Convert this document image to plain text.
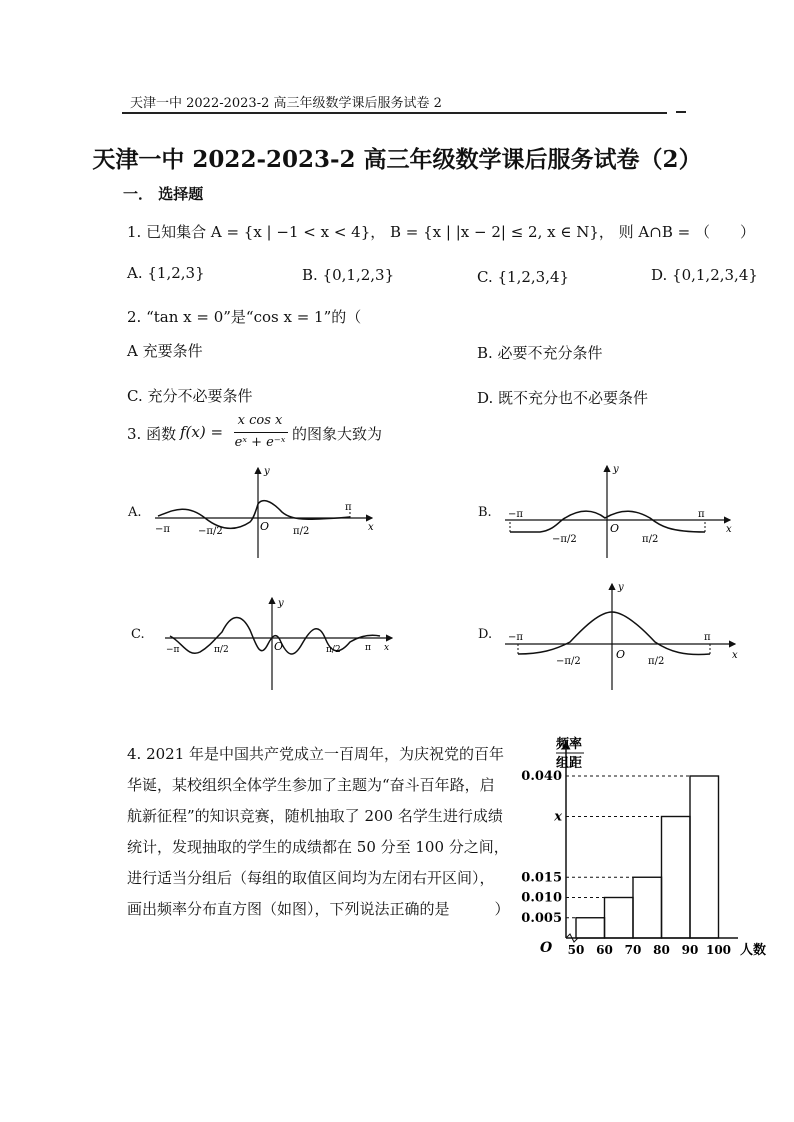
天津一中 2022-2023-2 高三年级数学课后服务试卷 2
天津一中 2022-2023-2 高三年级数学课后服务试卷（2）
一． 选择题
1. 已知集合 A = {x | −1 < x < 4}， B = {x | |x − 2| ≤ 2, x ∈ N}， 则 A∩B = （　　）
A. {1,2,3}	B. {0,1,2,3}	C. {1,2,3,4}	D. {0,1,2,3,4}
2. “tan x = 0”是“cos x = 1”的（
A 充要条件	B. 必要不充分条件
C. 充分不必要条件	D. 既不充分也不必要条件
3. 函数 f(x) =
x cos x
eˣ + e⁻ˣ 的图象大致为
A.	B.
C.	D.
−π	−π/2	O π/2
π
y
x
−π
−π/2
O
π/2
π
y
x
−π	π/2	O	π/2	π
y
x
−π
−π/2
O
π/2
π
y
x
4. 2021 年是中国共产党成立一百周年，为庆祝党的百年
华诞，某校组织全体学生参加了主题为“奋斗百年路，启
航新征程”的知识竞赛，随机抽取了 200 名学生进行成绩
统计，发现抽取的学生的成绩都在 50 分至 100 分之间，
进行适当分组后（每组的取值区间均为左闭右开区间），
画出频率分布直方图（如图），下列说法正确的是　　　）
频率
组距
O	人数
0.005
0.010
0.015
x
0.040
50 60 70 80 90 100
